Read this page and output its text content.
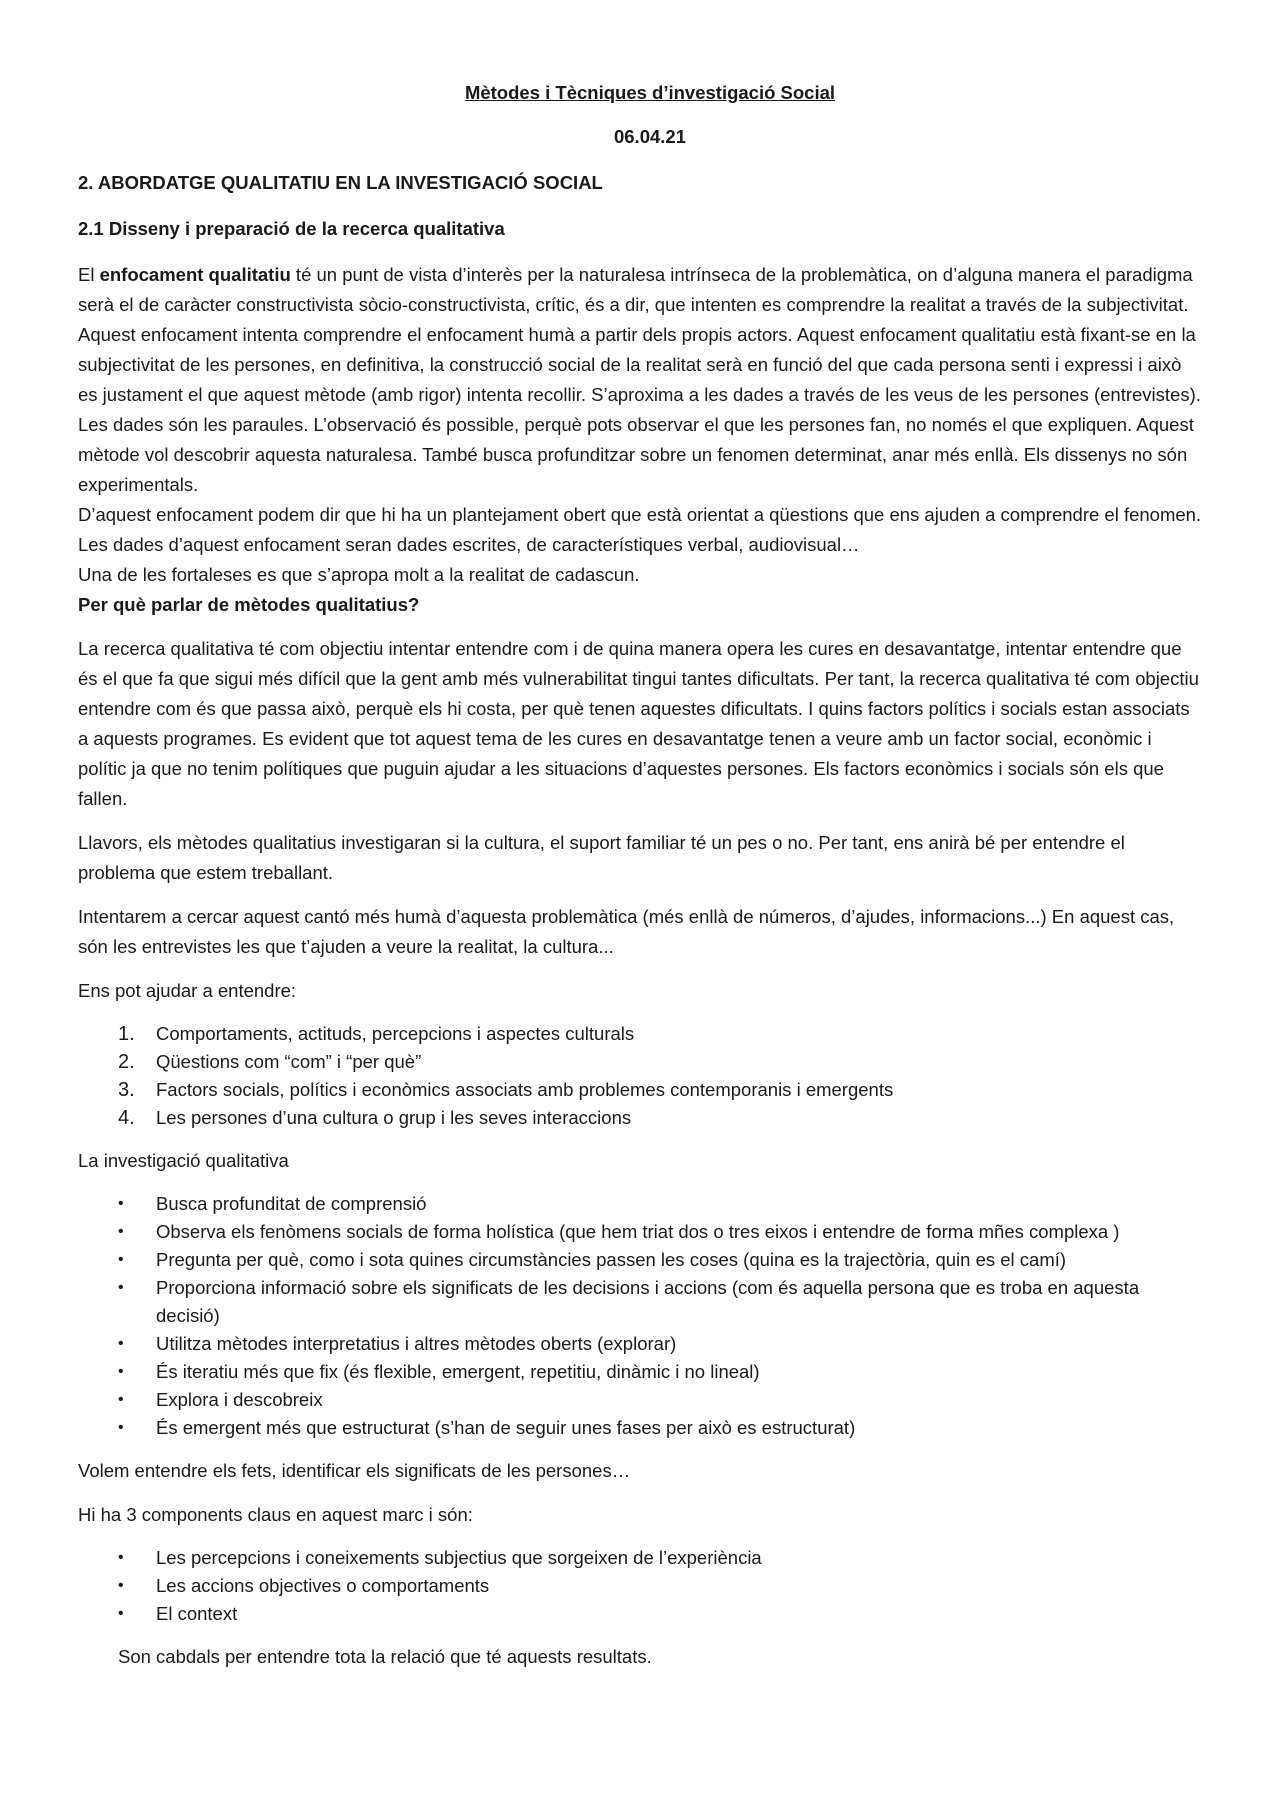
Mètodes i Tècniques d’investigació Social
06.04.21
2. ABORDATGE QUALITATIU EN LA INVESTIGACIÓ SOCIAL
2.1 Disseny i preparació de la recerca qualitativa

El enfocament qualitatiu té un punt de vista d’interès per la naturalesa intrínseca de la problemàtica, on d’alguna manera el paradigma serà el de caràcter constructivista sòcio-constructivista, crític, és a dir, que intenten es comprendre la realitat a través de la subjectivitat. Aquest enfocament intenta comprendre el enfocament humà a partir dels propis actors. Aquest enfocament qualitatiu està fixant-se en la subjectivitat de les persones, en definitiva, la construcció social de la realitat serà en funció del que cada persona senti i expressi i això es justament el que aquest mètode (amb rigor) intenta recollir. S’aproxima a les dades a través de les veus de les persones (entrevistes). Les dades són les paraules. L’observació és possible, perquè pots observar el que les persones fan, no només el que expliquen. Aquest mètode vol descobrir aquesta naturalesa. També busca profunditzar sobre un fenomen determinat, anar més enllà. Els dissenys no són experimentals.

D’aquest enfocament podem dir que hi ha un plantejament obert que està orientat a qüestions que ens ajuden a comprendre el fenomen.

Les dades d’aquest enfocament seran dades escrites, de característiques verbal, audiovisual…

Una de les fortaleses es que s’apropa molt a la realitat de cadascun.

Per què parlar de mètodes qualitatius?

La recerca qualitativa té com objectiu intentar entendre com i de quina manera opera les cures en desavantatge, intentar entendre que és el que fa que sigui més difícil que la gent amb més vulnerabilitat tingui tantes dificultats. Per tant, la recerca qualitativa té com objectiu entendre com és que passa això, perquè els hi costa, per què tenen aquestes dificultats. I quins factors polítics i socials estan associats a aquests programes. Es evident que tot aquest tema de les cures en desavantatge tenen a veure amb un factor social, econòmic i polític ja que no tenim polítiques que puguin ajudar a les situacions d’aquestes persones. Els factors econòmics i socials són els que fallen.

Llavors, els mètodes qualitatius investigaran si la cultura, el suport familiar té un pes o no. Per tant, ens anirà bé per entendre el problema que estem treballant.

Intentarem a cercar aquest cantó més humà d’aquesta problemàtica (més enllà de números, d’ajudes, informacions...) En aquest cas, són les entrevistes les que t’ajuden a veure la realitat, la cultura...

Ens pot ajudar a entendre:

1.	Comportaments, actituds, percepcions i aspectes culturals
2.	Qüestions com “com” i “per què”
3.	Factors socials, polítics i econòmics associats amb problemes contemporanis i emergents
4.	Les persones d’una cultura o grup i les seves interaccions

La investigació qualitativa

• Busca profunditat de comprensió
• Observa els fenòmens socials de forma holística (que hem triat dos o tres eixos i entendre de forma mñes complexa )
• Pregunta per què, como i sota quines circumstàncies passen les coses (quina es la trajectòria, quin es el camí)
• Proporciona informació sobre els significats de les decisions i accions (com és aquella persona que es troba en aquesta decisió)
• Utilitza mètodes interpretatius i altres mètodes oberts (explorar)
• És iteratiu més que fix (és flexible, emergent, repetitiu, dinàmic i no lineal)
• Explora i descobreix
• És emergent més que estructurat (s’han de seguir unes fases per això es estructurat)

Volem entendre els fets, identificar els significats de les persones…

Hi ha 3 components claus en aquest marc i són:

• Les percepcions i coneixements subjectius que sorgeixen de l’experiència
• Les accions objectives o comportaments
• El context

Son cabdals per entendre tota la relació que té aquests resultats.
